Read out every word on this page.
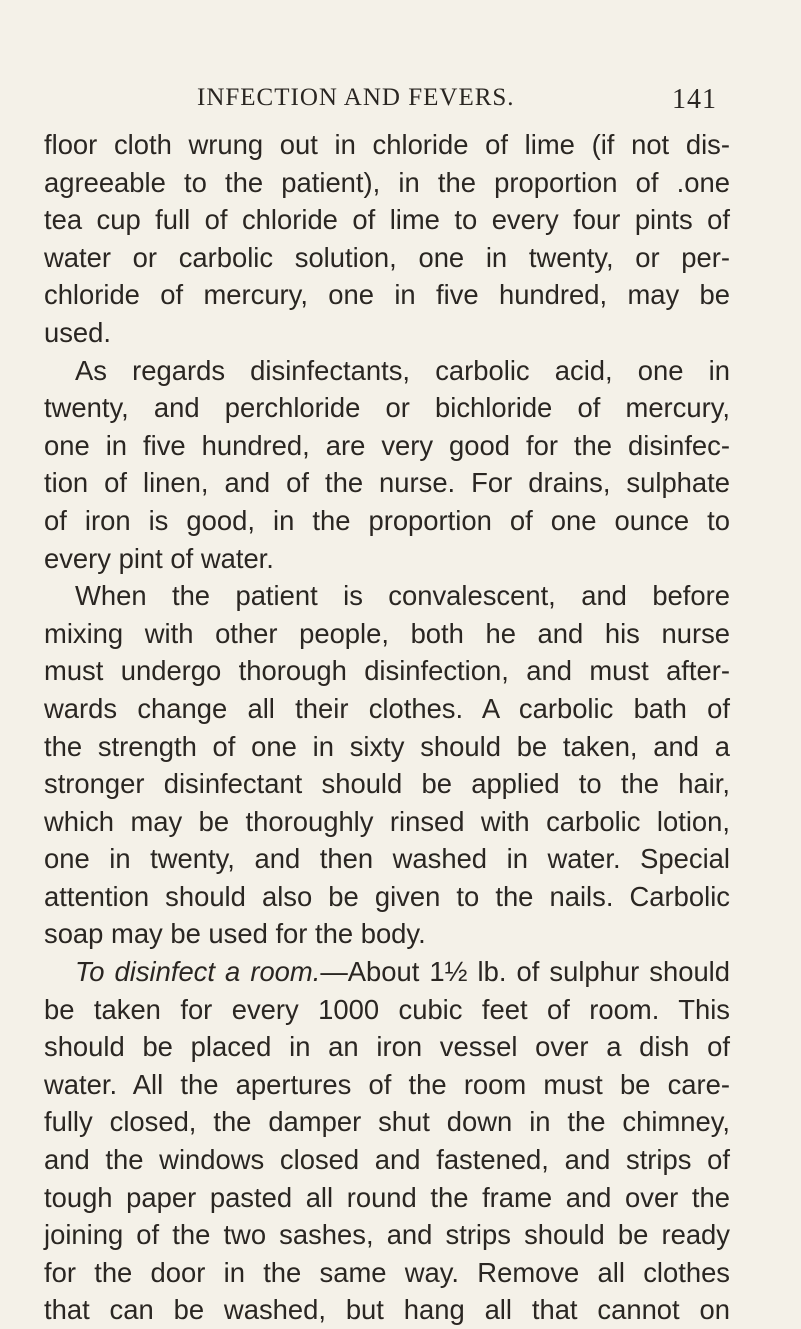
INFECTION AND FEVERS.	141
floor cloth wrung out in chloride of lime (if not dis-
agreeable to the patient), in the proportion of .one
tea cup full of chloride of lime to every four pints of
water or carbolic solution, one in twenty, or per-
chloride of mercury, one in five hundred, may be
used.
As regards disinfectants, carbolic acid, one in
twenty, and perchloride or bichloride of mercury,
one in five hundred, are very good for the disinfec-
tion of linen, and of the nurse. For drains, sulphate
of iron is good, in the proportion of one ounce to
every pint of water.
When the patient is convalescent, and before
mixing with other people, both he and his nurse
must undergo thorough disinfection, and must after-
wards change all their clothes. A carbolic bath of
the strength of one in sixty should be taken, and a
stronger disinfectant should be applied to the hair,
which may be thoroughly rinsed with carbolic lotion,
one in twenty, and then washed in water. Special
attention should also be given to the nails. Carbolic
soap may be used for the body.
To disinfect a room.—About 1½ lb. of sulphur should
be taken for every 1000 cubic feet of room. This
should be placed in an iron vessel over a dish of
water. All the apertures of the room must be care-
fully closed, the damper shut down in the chimney,
and the windows closed and fastened, and strips of
tough paper pasted all round the frame and over the
joining of the two sashes, and strips should be ready
for the door in the same way. Remove all clothes
that can be washed, but hang all that cannot on
